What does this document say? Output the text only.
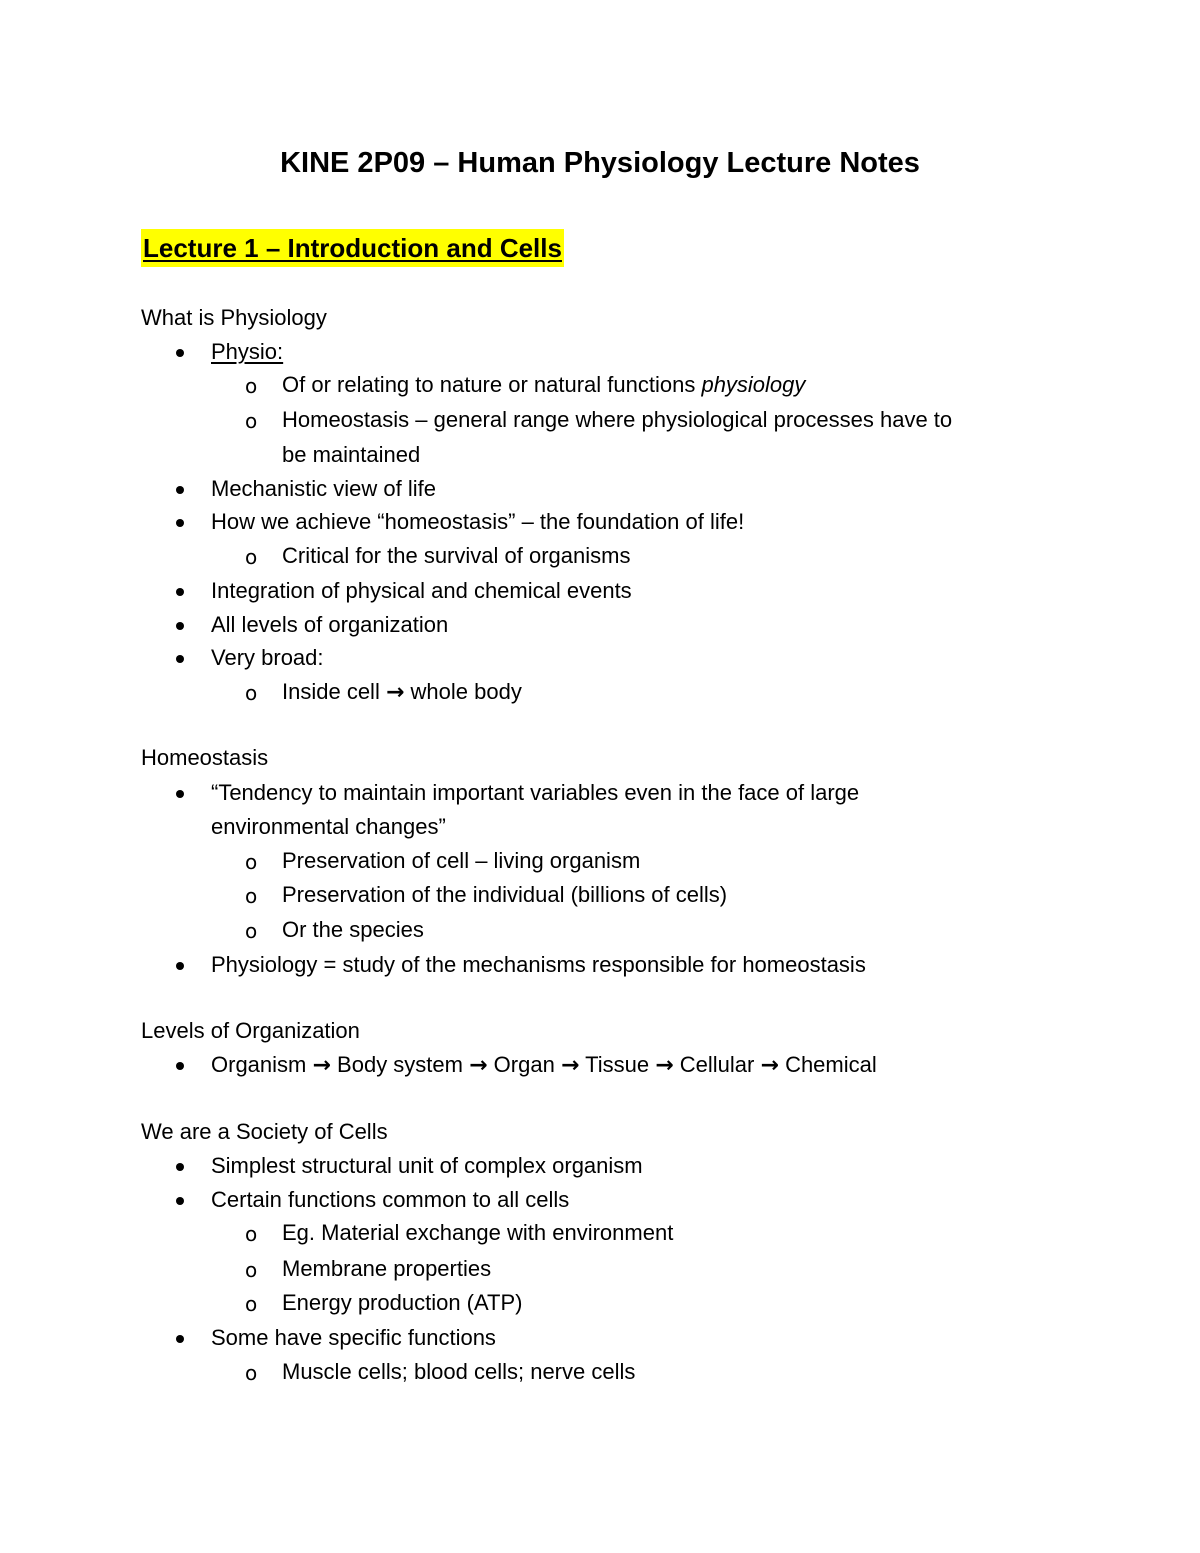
KINE 2P09 – Human Physiology Lecture Notes
Lecture 1 – Introduction and Cells
What is Physiology
Physio:
o Of or relating to nature or natural functions physiology
o Homeostasis – general range where physiological processes have to
be maintained
Mechanistic view of life
How we achieve “homeostasis” – the foundation of life!
o Critical for the survival of organisms
Integration of physical and chemical events
All levels of organization
Very broad:
o Inside cell → whole body
Homeostasis
“Tendency to maintain important variables even in the face of large
environmental changes”
o Preservation of cell – living organism
o Preservation of the individual (billions of cells)
o Or the species
Physiology = study of the mechanisms responsible for homeostasis
Levels of Organization
Organism → Body system → Organ → Tissue → Cellular → Chemical
We are a Society of Cells
Simplest structural unit of complex organism
Certain functions common to all cells
o Eg. Material exchange with environment
o Membrane properties
o Energy production (ATP)
Some have specific functions
o Muscle cells; blood cells; nerve cells
